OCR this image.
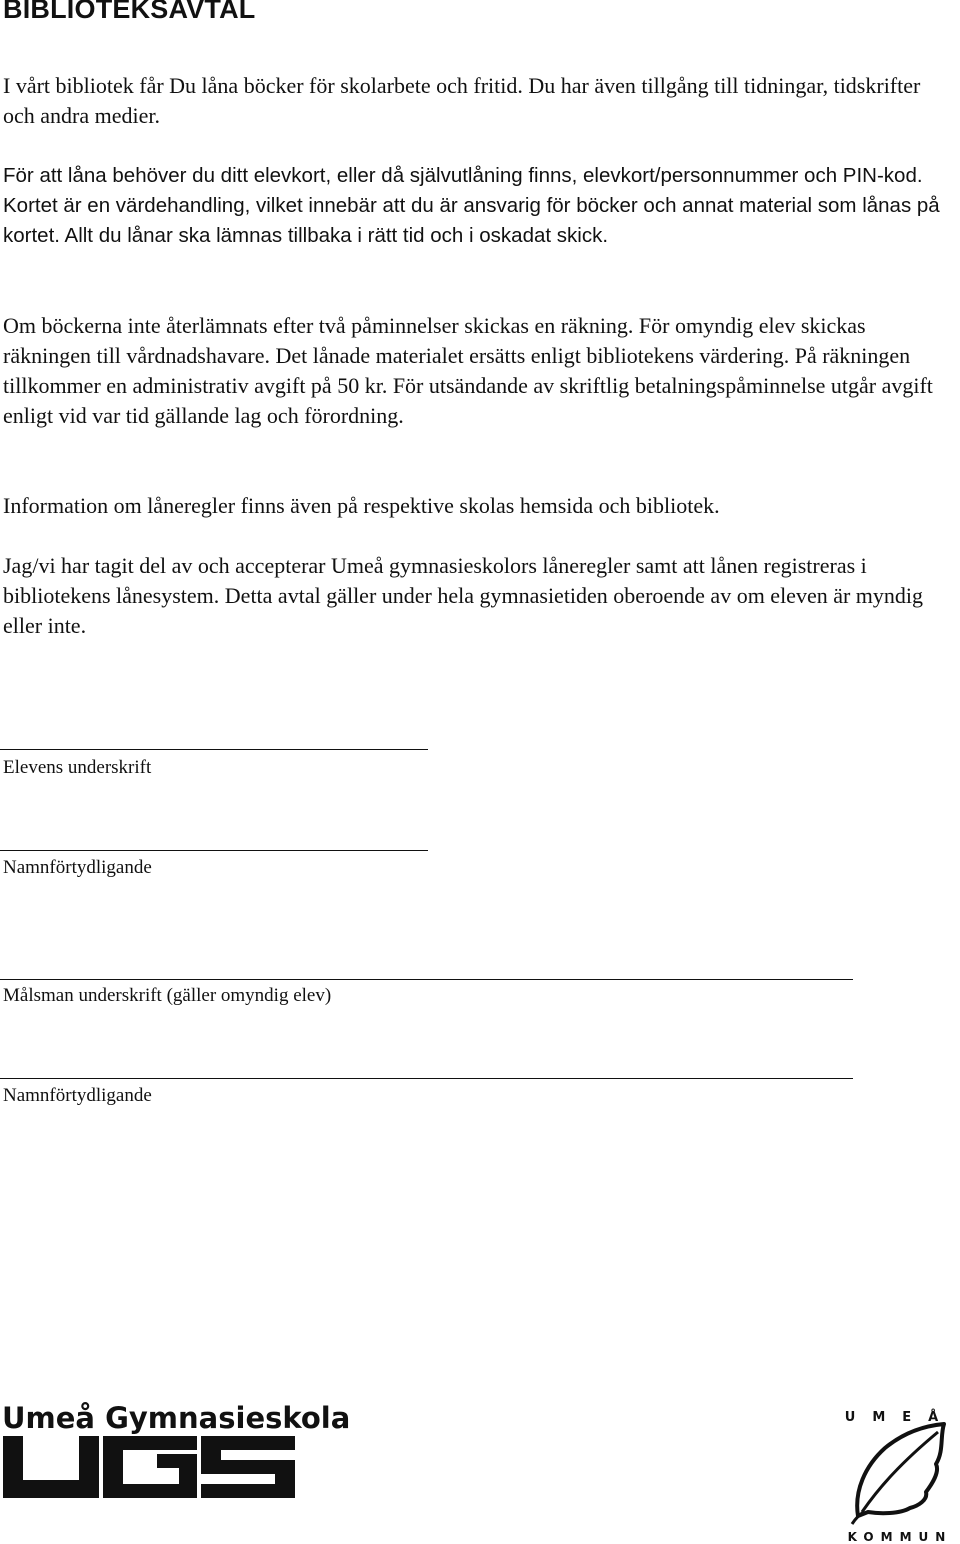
BIBLIOTEKSAVTAL

I vårt bibliotek får Du låna böcker för skolarbete och fritid. Du har även tillgång till tidningar, tidskrifter och andra medier.

För att låna behöver du ditt elevkort, eller då självutlåning finns, elevkort/personnummer och PIN-kod. Kortet är en värdehandling, vilket innebär att du är ansvarig för böcker och annat material som lånas på kortet. Allt du lånar ska lämnas tillbaka i rätt tid och i oskadat skick.

Om böckerna inte återlämnats efter två påminnelser skickas en räkning. För omyndig elev skickas räkningen till vårdnadshavare. Det lånade materialet ersätts enligt bibliotekens värdering. På räkningen tillkommer en administrativ avgift på 50 kr. För utsändande av skriftlig betalningspåminnelse utgår avgift enligt vid var tid gällande lag och förordning.

Information om låneregler finns även på respektive skolas hemsida och bibliotek.

Jag/vi har tagit del av och accepterar Umeå gymnasieskolors låneregler samt att lånen registreras i bibliotekens lånesystem. Detta avtal gäller under hela gymnasietiden oberoende av om eleven är myndig eller inte.

Elevens underskrift

Namnförtydligande

Målsman underskrift (gäller omyndig elev)

Namnförtydligande

Umeå Gymnasieskola	UMEÅ
KOMMUN
